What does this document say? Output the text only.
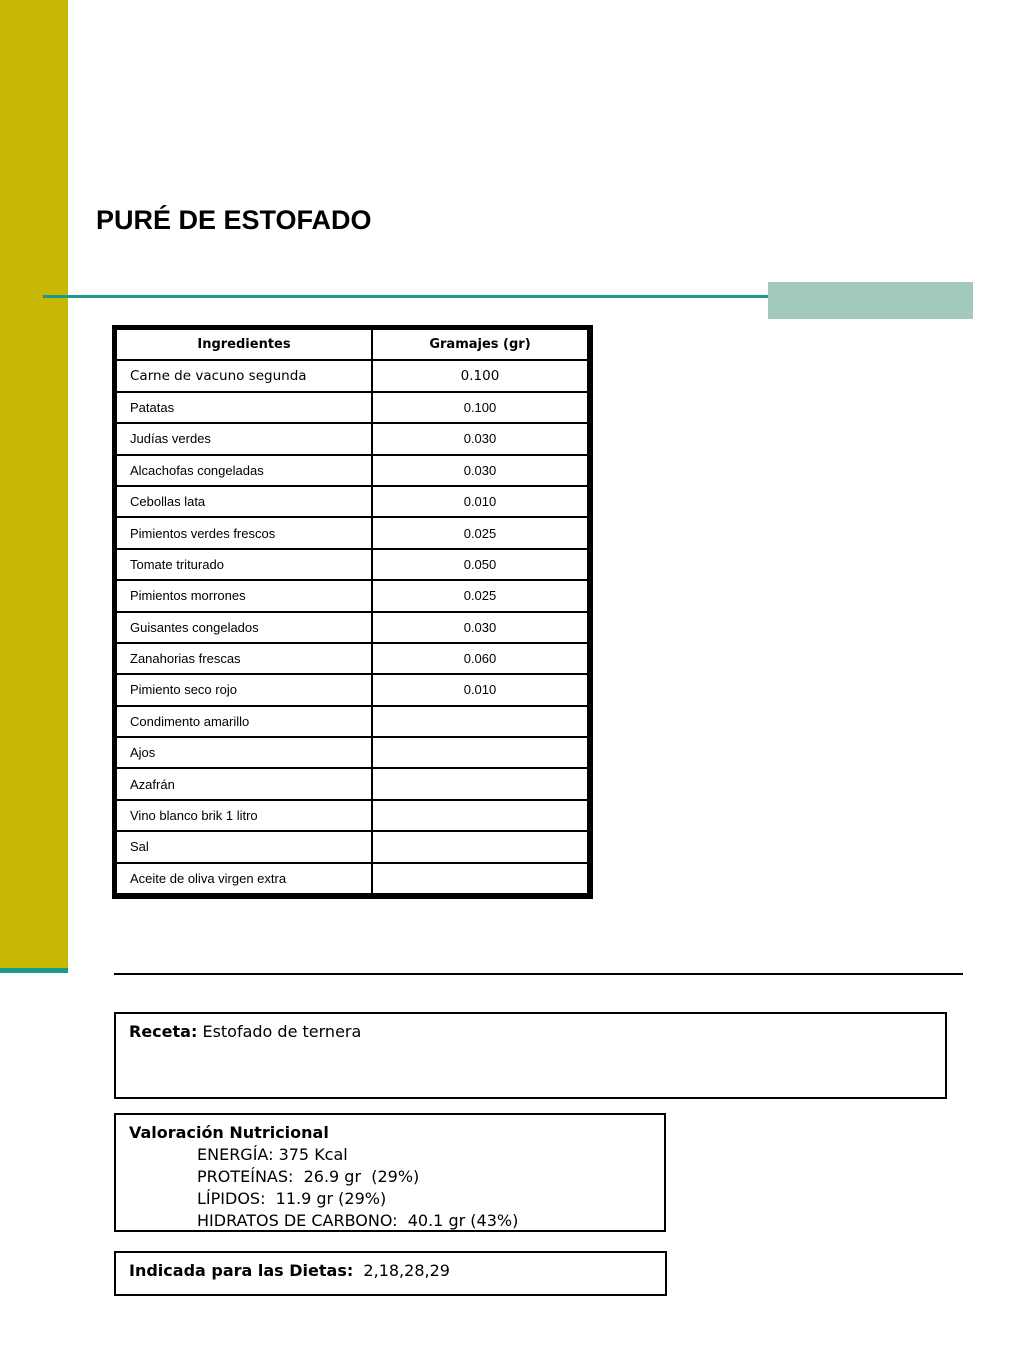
PURÉ DE ESTOFADO
Ingredientes	Gramajes (gr)
Carne de vacuno segunda	0.100
Patatas	0.100
Judías verdes	0.030
Alcachofas congeladas	0.030
Cebollas lata	0.010
Pimientos verdes frescos	0.025
Tomate triturado	0.050
Pimientos morrones	0.025
Guisantes congelados	0.030
Zanahorias frescas	0.060
Pimiento seco rojo	0.010
Condimento amarillo	
Ajos	
Azafrán	
Vino blanco brik 1 litro	
Sal	
Aceite de oliva virgen extra	
Receta: Estofado de ternera
Valoración Nutricional
ENERGÍA: 375 Kcal
PROTEÍNAS:  26.9 gr  (29%)
LÍPIDOS:  11.9 gr (29%)
HIDRATOS DE CARBONO:  40.1 gr (43%)
Indicada para las Dietas: 2,18,28,29
